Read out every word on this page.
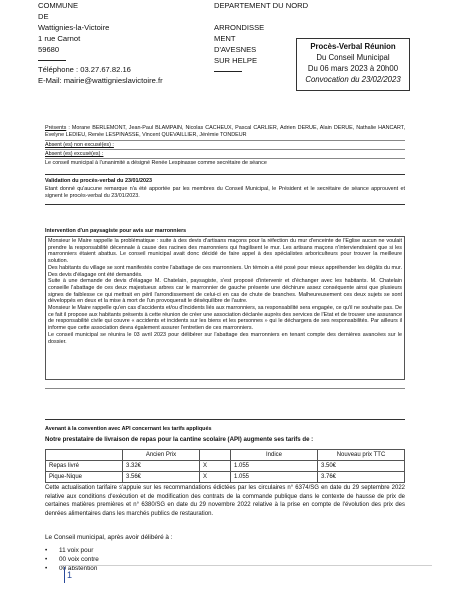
COMMUNE
DE
Wattignies-la-Victoire
1 rue Carnot
59680
Téléphone : 03.27.67.82.16
E-Mail: mairie@wattigniesla​victoire.fr
DEPARTEMENT DU NORD
ARRONDISSE
MENT
D'AVESNES
SUR HELPE
Procès-Verbal Réunion
Du Conseil Municipal
Du 06 mars 2023 à 20h00
Convocation du 23/02/2023
Présents : Morane BERLEMONT, Jean-Paul BLAMPAIN, Nicolas CACHEUX, Pascal CARLIER, Adrien DERUE, Alain DERUE, Nathalie HANCART, Evelyne LEDIEU, Renée LESPINASSE, Vincent QUEVAILLIER, Jérémie TONDEUR
Absent (es) non excusé(es) :
Absent (es) excusé(es) :
Le conseil municipal à l'unanimité a désigné Renée Lespinasse comme secrétaire de séance
Validation du procès-verbal du 23/01/2023
Etant donné qu'aucune remarque n'a été apportée par les membres du Conseil Municipal, le Président et le secrétaire de séance approuvent et signent le procès-verbal du 23/01/2023.
Intervention d'un paysagiste pour avis sur marronniers
Monsieur le Maire rappelle la problématique : suite à des devis d'artisans maçons pour la réfection du mur d'enceinte de l'Eglise aucun ne voulait prendre la responsabilité décennale à cause des racines des marronniers qui fragilisent le mur. Les artisans maçons n'interviendraient que si les marronniers étaient abattus. Le conseil municipal avait donc décidé de faire appel à des spécialistes arboriculteurs pour trouver la meilleure solution.
Des habitants du village se sont manifestés contre l'abattage de ces marronniers. Un témoin a été posé pour mieux appréhender les dégâts du mur. Des devis d'élagage ont été demandés.
Suite à une demande de devis d'élagage M. Chatelain, paysagiste, s'est proposé d'intervenir et d'échanger avec les habitants. M. Chatelain conseille l'abattage de ces deux majestueux arbres car le marronnier de gauche présente une déchirure assez conséquente ainsi que plusieurs signes de faiblesse ce qui mettrait en péril l'arrondissement de celui-ci en cas de chute de branches. Malheureusement ces deux sujets se sont développés en deux et la mise à mort de l'un provoquerait le déséquilibre de l'autre.
Monsieur le Maire rappelle qu'en cas d'accidents et/ou d'incidents liés aux marronniers, sa responsabilité sera engagée, ce qu'il ne souhaite pas. De ce fait il propose aux habitants présents à cette réunion de créer une association déclarée auprès des services de l'Etat et de trouver une assurance de responsabilité civile qui couvre « accidents et incidents sur les biens et les personnes » qui le déchargera de ses responsabilités. Par ailleurs il informe que cette association devra également assurer l'entretien de ces marronniers.
Le conseil municipal se réunira le 03 avril 2023 pour délibérer sur l'abattage des marronniers en tenant compte des dernières avancées sur le dossier.
Avenant à la convention avec API concernant les tarifs appliqués
Notre prestataire de livraison de repas pour la cantine scolaire (API) augmente ses tarifs de :
	Ancien Prix		Indice	Nouveau prix TTC
Repas livré	3.32€	X	1.055	3.50€
Pique-Nique	3.56€	X	1.055	3.76€
Cette actualisation tarifaire s'appuie sur les recommandations édictées par les circulaires n° 6374/SG en date du 29 septembre 2022 relative aux conditions d'exécution et de modification des contrats de la commande publique dans le contexte de hausse de prix de certaines matières premières et n° 6380/SG en date du 29 novembre 2022 relative à la prise en compte de l'évolution des prix des denrées alimentaires dans les marchés publics de restauration.
Le Conseil municipal, après avoir délibéré à :
• 11 voix pour
• 00 voix contre
• 00 abstention
1
